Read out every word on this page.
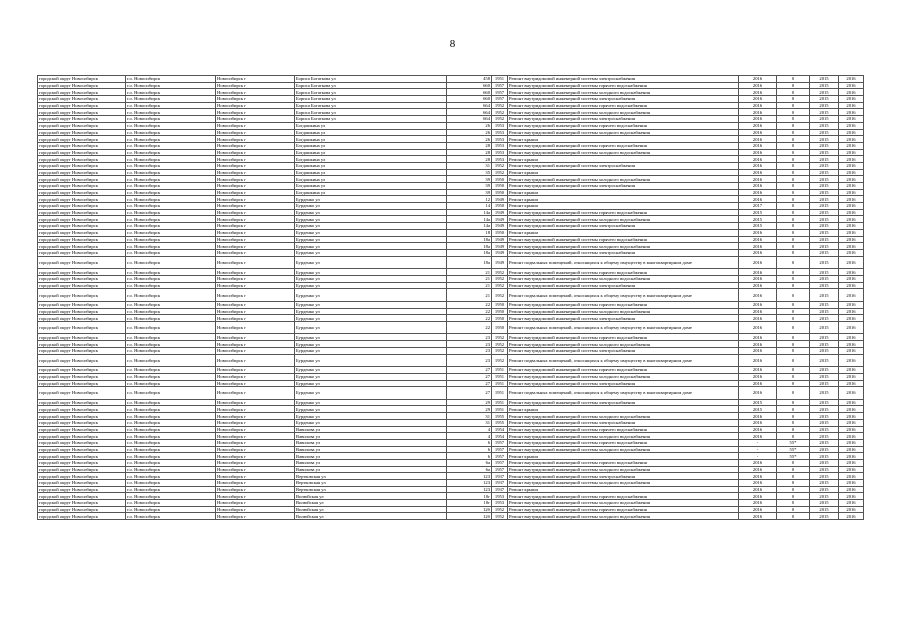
8
городской округ Новосибирск	г.о. Новосибирск	Новосибирск г	Бориса Богаткова ул	458	1951	Ремонт внутридомовой инженерной системы электроснабжения	2016	0	2015	2016
городской округ Новосибирск	г.о. Новосибирск	Новосибирск г	Бориса Богаткова ул	660	1957	Ремонт внутридомовой инженерной системы горячего водоснабжения	2016	0	2015	2016
городской округ Новосибирск	г.о. Новосибирск	Новосибирск г	Бориса Богаткова ул	660	1957	Ремонт внутридомовой инженерной системы холодного водоснабжения	2016	0	2015	2016
городской округ Новосибирск	г.о. Новосибирск	Новосибирск г	Бориса Богаткова ул	660	1957	Ремонт внутридомовой инженерной системы электроснабжения	2016	0	2015	2016
городской округ Новосибирск	г.о. Новосибирск	Новосибирск г	Бориса Богаткова ул	664	1952	Ремонт внутридомовой инженерной системы горячего водоснабжения	2016	0	2015	2016
городской округ Новосибирск	г.о. Новосибирск	Новосибирск г	Бориса Богаткова ул	664	1952	Ремонт внутридомовой инженерной системы холодного водоснабжения	2016	0	2015	2016
городской округ Новосибирск	г.о. Новосибирск	Новосибирск г	Бориса Богаткова ул	664	1952	Ремонт внутридомовой инженерной системы электроснабжения	2016	0	2015	2016
городской округ Новосибирск	г.о. Новосибирск	Новосибирск г	Богдашкина ул	26	1953	Ремонт внутридомовой инженерной системы горячего водоснабжения	2016	0	2015	2016
городской округ Новосибирск	г.о. Новосибирск	Новосибирск г	Богдашкина ул	26	1953	Ремонт внутридомовой инженерной системы холодного водоснабжения	2016	0	2015	2016
городской округ Новосибирск	г.о. Новосибирск	Новосибирск г	Богдашкина ул	26	1953	Ремонт крыши	2016	0	2015	2016
городской округ Новосибирск	г.о. Новосибирск	Новосибирск г	Богдашкина ул	28	1953	Ремонт внутридомовой инженерной системы горячего водоснабжения	2016	0	2015	2016
городской округ Новосибирск	г.о. Новосибирск	Новосибирск г	Богдашкина ул	28	1953	Ремонт внутридомовой инженерной системы холодного водоснабжения	2016	0	2015	2016
городской округ Новосибирск	г.о. Новосибирск	Новосибирск г	Богдашкина ул	28	1953	Ремонт крыши	2016	0	2015	2016
городской округ Новосибирск	г.о. Новосибирск	Новосибирск г	Богдашкина ул	31	1952	Ремонт внутридомовой инженерной системы электроснабжения	2016	0	2015	2016
городской округ Новосибирск	г.о. Новосибирск	Новосибирск г	Богдашкина ул	35	1952	Ремонт крыши	2016	0	2015	2016
городской округ Новосибирск	г.о. Новосибирск	Новосибирск г	Богдашкина ул	39	1950	Ремонт внутридомовой инженерной системы холодного водоснабжения	2016	0	2015	2016
городской округ Новосибирск	г.о. Новосибирск	Новосибирск г	Богдашкина ул	39	1950	Ремонт внутридомовой инженерной системы электроснабжения	2016	0	2015	2016
городской округ Новосибирск	г.о. Новосибирск	Новосибирск г	Богдашкина ул	39	1950	Ремонт крыши	2016	0	2015	2016
городской округ Новосибирск	г.о. Новосибирск	Новосибирск г	Бурденко ул	12	1949	Ремонт крыши	2016	0	2015	2016
городской округ Новосибирск	г.о. Новосибирск	Новосибирск г	Бурденко ул	14	1950	Ремонт крыши	2017	0	2015	2016
городской округ Новосибирск	г.о. Новосибирск	Новосибирск г	Бурденко ул	14а	1949	Ремонт внутридомовой инженерной системы горячего водоснабжения	2015	0	2015	2016
городской округ Новосибирск	г.о. Новосибирск	Новосибирск г	Бурденко ул	14а	1949	Ремонт внутридомовой инженерной системы холодного водоснабжения	2015	0	2015	2016
городской округ Новосибирск	г.о. Новосибирск	Новосибирск г	Бурденко ул	14а	1949	Ремонт внутридомовой инженерной системы электроснабжения	2015	0	2015	2016
городской округ Новосибирск	г.о. Новосибирск	Новосибирск г	Бурденко ул	18	1950	Ремонт крыши	2016	0	2015	2016
городской округ Новосибирск	г.о. Новосибирск	Новосибирск г	Бурденко ул	18а	1949	Ремонт внутридомовой инженерной системы горячего водоснабжения	2016	0	2015	2016
городской округ Новосибирск	г.о. Новосибирск	Новосибирск г	Бурденко ул	18а	1949	Ремонт внутридомовой инженерной системы холодного водоснабжения	2016	0	2015	2016
городской округ Новосибирск	г.о. Новосибирск	Новосибирск г	Бурденко ул	18а	1949	Ремонт внутридомовой инженерной системы электроснабжения	2016	0	2015	2016
городской округ Новосибирск	г.о. Новосибирск	Новосибирск г	Бурденко ул	18а	1949	Ремонт подвальных помещений, относящихся к общему имуществу в многоквартирном доме	2016	0	2015	2016
городской округ Новосибирск	г.о. Новосибирск	Новосибирск г	Бурденко ул	21	1952	Ремонт внутридомовой инженерной системы горячего водоснабжения	2016	0	2015	2016
городской округ Новосибирск	г.о. Новосибирск	Новосибирск г	Бурденко ул	21	1952	Ремонт внутридомовой инженерной системы холодного водоснабжения	2016	0	2015	2016
городской округ Новосибирск	г.о. Новосибирск	Новосибирск г	Бурденко ул	21	1952	Ремонт внутридомовой инженерной системы электроснабжения	2016	0	2015	2016
городской округ Новосибирск	г.о. Новосибирск	Новосибирск г	Бурденко ул	21	1952	Ремонт подвальных помещений, относящихся к общему имуществу в многоквартирном доме	2016	0	2015	2016
городской округ Новосибирск	г.о. Новосибирск	Новосибирск г	Бурденко ул	22	1950	Ремонт внутридомовой инженерной системы горячего водоснабжения	2016	0	2015	2016
городской округ Новосибирск	г.о. Новосибирск	Новосибирск г	Бурденко ул	22	1950	Ремонт внутридомовой инженерной системы холодного водоснабжения	2016	0	2015	2016
городской округ Новосибирск	г.о. Новосибирск	Новосибирск г	Бурденко ул	22	1950	Ремонт внутридомовой инженерной системы электроснабжения	2016	0	2015	2016
городской округ Новосибирск	г.о. Новосибирск	Новосибирск г	Бурденко ул	22	1950	Ремонт подвальных помещений, относящихся к общему имуществу в многоквартирном доме	2016	0	2015	2016
городской округ Новосибирск	г.о. Новосибирск	Новосибирск г	Бурденко ул	23	1952	Ремонт внутридомовой инженерной системы горячего водоснабжения	2016	0	2015	2016
городской округ Новосибирск	г.о. Новосибирск	Новосибирск г	Бурденко ул	23	1952	Ремонт внутридомовой инженерной системы холодного водоснабжения	2016	0	2015	2016
городской округ Новосибирск	г.о. Новосибирск	Новосибирск г	Бурденко ул	23	1952	Ремонт внутридомовой инженерной системы электроснабжения	2016	0	2015	2016
городской округ Новосибирск	г.о. Новосибирск	Новосибирск г	Бурденко ул	23	1952	Ремонт подвальных помещений, относящихся к общему имуществу в многоквартирном доме	2016	0	2015	2016
городской округ Новосибирск	г.о. Новосибирск	Новосибирск г	Бурденко ул	27	1951	Ремонт внутридомовой инженерной системы горячего водоснабжения	2016	0	2015	2016
городской округ Новосибирск	г.о. Новосибирск	Новосибирск г	Бурденко ул	27	1951	Ремонт внутридомовой инженерной системы холодного водоснабжения	2016	0	2015	2016
городской округ Новосибирск	г.о. Новосибирск	Новосибирск г	Бурденко ул	27	1951	Ремонт внутридомовой инженерной системы электроснабжения	2016	0	2015	2016
городской округ Новосибирск	г.о. Новосибирск	Новосибирск г	Бурденко ул	27	1951	Ремонт подвальных помещений, относящихся к общему имуществу в многоквартирном доме	2016	0	2015	2016
городской округ Новосибирск	г.о. Новосибирск	Новосибирск г	Бурденко ул	29	1951	Ремонт внутридомовой инженерной системы электроснабжения	2015	0	2015	2016
городской округ Новосибирск	г.о. Новосибирск	Новосибирск г	Бурденко ул	29	1951	Ремонт крыши	2015	0	2015	2016
городской округ Новосибирск	г.о. Новосибирск	Новосибирск г	Бурденко ул	31	1955	Ремонт внутридомовой инженерной системы холодного водоснабжения	2016	0	2015	2016
городской округ Новосибирск	г.о. Новосибирск	Новосибирск г	Бурденко ул	31	1955	Ремонт внутридомовой инженерной системы электроснабжения	2016	0	2015	2016
городской округ Новосибирск	г.о. Новосибирск	Новосибирск г	Вавилова ул	4	1954	Ремонт внутридомовой инженерной системы горячего водоснабжения	2016	0	2015	2016
городской округ Новосибирск	г.о. Новосибирск	Новосибирск г	Вавилова ул	4	1954	Ремонт внутридомовой инженерной системы холодного водоснабжения	2016	0	2015	2016
городской округ Новосибирск	г.о. Новосибирск	Новосибирск г	Вавилова ул	6	1957	Ремонт внутридомовой инженерной системы горячего водоснабжения	-	55*	2015	2016
городской округ Новосибирск	г.о. Новосибирск	Новосибирск г	Вавилова ул	6	1957	Ремонт внутридомовой инженерной системы холодного водоснабжения	-	55*	2015	2016
городской округ Новосибирск	г.о. Новосибирск	Новосибирск г	Вавилова ул	6	1957	Ремонт крыши	-	55*	2015	2016
городской округ Новосибирск	г.о. Новосибирск	Новосибирск г	Вавилова ул	6а	1957	Ремонт внутридомовой инженерной системы горячего водоснабжения	2016	0	2015	2016
городской округ Новосибирск	г.о. Новосибирск	Новосибирск г	Вавилова ул	6а	1957	Ремонт внутридомовой инженерной системы холодного водоснабжения	2016	0	2015	2016
городской округ Новосибирск	г.о. Новосибирск	Новосибирск г	Вертковская ул	123	1937	Ремонт внутридомовой инженерной системы электроснабжения	2016	0	2015	2016
городской округ Новосибирск	г.о. Новосибирск	Новосибирск г	Вертковская ул	123	1937	Ремонт внутридомовой инженерной системы холодного водоснабжения	2016	0	2015	2016
городской округ Новосибирск	г.о. Новосибирск	Новосибирск г	Вертковская ул	123	1937	Ремонт крыши	2016	0	2015	2016
городской округ Новосибирск	г.о. Новосибирск	Новосибирск г	Вилюйская ул	10г	1953	Ремонт внутридомовой инженерной системы горячего водоснабжения	2016	0	2015	2016
городской округ Новосибирск	г.о. Новосибирск	Новосибирск г	Вилюйская ул	10г	1953	Ремонт внутридомовой инженерной системы холодного водоснабжения	2016	0	2015	2016
городской округ Новосибирск	г.о. Новосибирск	Новосибирск г	Вилюйская ул	12б	1952	Ремонт внутридомовой инженерной системы горячего водоснабжения	2016	0	2015	2016
городской округ Новосибирск	г.о. Новосибирск	Новосибирск г	Вилюйская ул	12б	1952	Ремонт внутридомовой инженерной системы холодного водоснабжения	2016	0	2015	2016
